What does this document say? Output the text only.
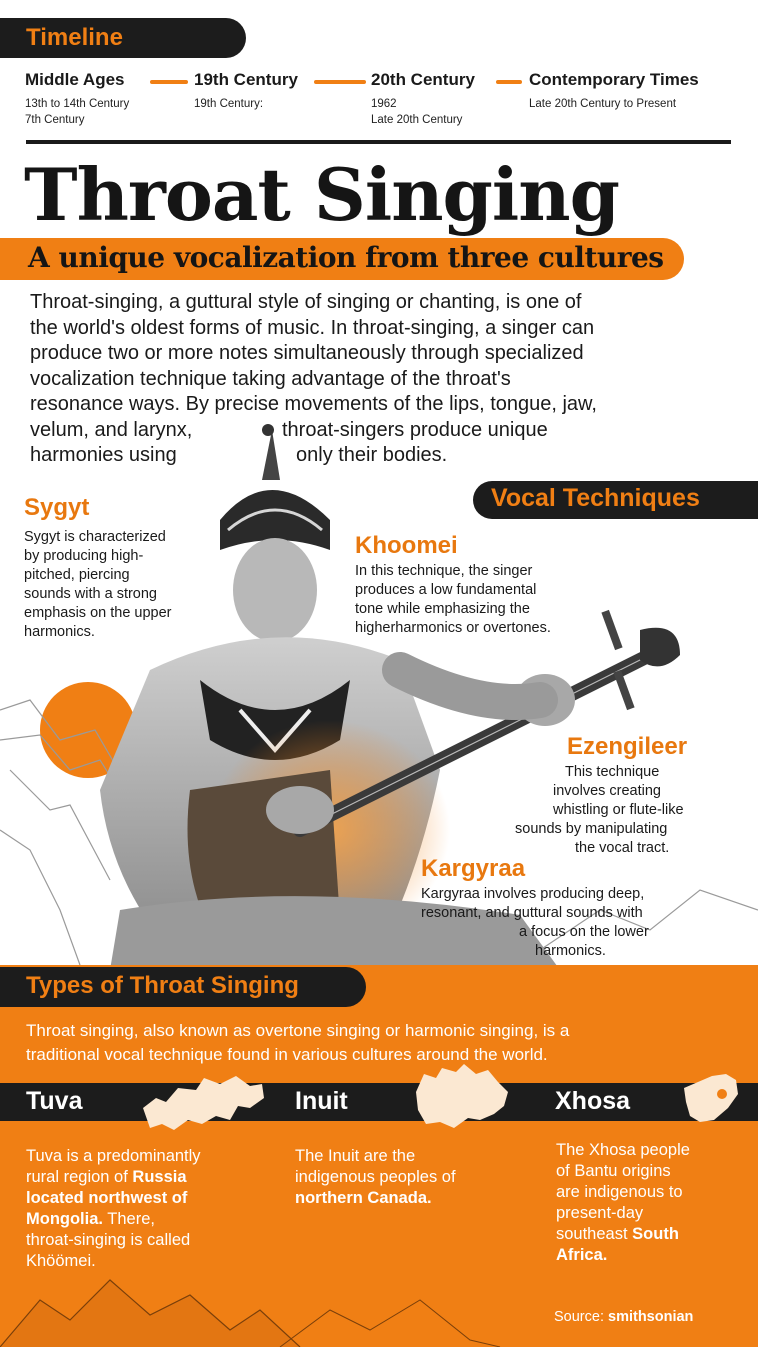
Timeline
Middle Ages
13th to 14th Century
7th Century
19th Century
19th Century:
20th Century
1962
Late 20th Century
Contemporary Times
Late 20th Century to Present
Throat Singing
A unique vocalization from three cultures
Throat-singing, a guttural style of singing or chanting, is one of
the world's oldest forms of music. In throat-singing, a singer can
produce two or more notes simultaneously through specialized
vocalization technique taking advantage of the throat's
resonance ways. By precise movements of the lips, tongue, jaw,
velum, and larynx,	throat-singers produce unique
harmonies using	only their bodies.
Vocal Techniques
Sygyt
Sygyt is characterized
by producing high-
pitched, piercing
sounds with a strong
emphasis on the upper
harmonics.
Khoomei
In this technique, the singer
produces a low fundamental
tone while emphasizing the
higherharmonics or overtones.
Ezengileer
This technique
involves creating
whistling or flute-like
sounds by manipulating
the vocal tract.
Kargyraa
Kargyraa involves producing deep,
resonant, and guttural sounds with
a focus on the lower
harmonics.
Types of Throat Singing
Throat singing, also known as overtone singing or harmonic singing, is a
traditional vocal technique found in various cultures around the world.
Tuva	Inuit	Xhosa
Tuva is a predominantly
rural region of Russia
located northwest of
Mongolia. There,
throat-singing is called
Khöömei.
The Inuit are the
indigenous peoples of
northern Canada.
The Xhosa people
of Bantu origins
are indigenous to
present-day
southeast South
Africa.
Source: smithsonian
